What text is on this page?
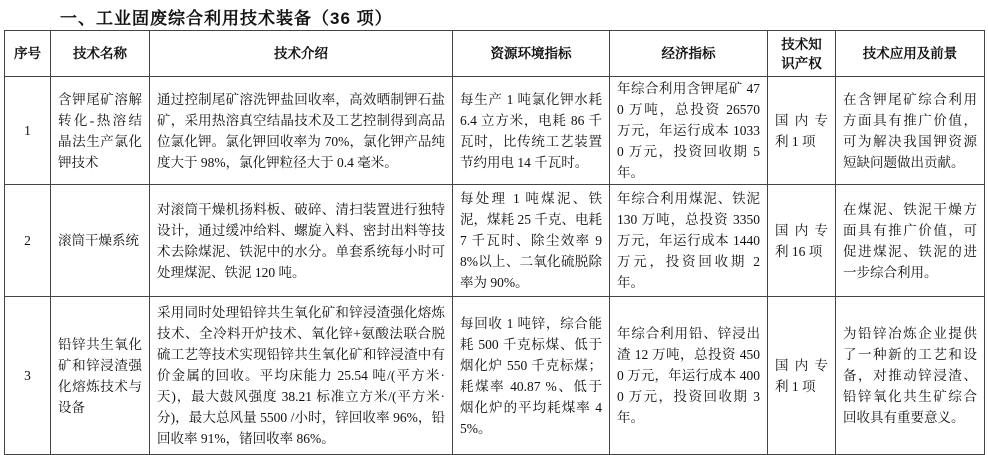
一、工业固废综合利用技术装备（36 项）
序号	技术名称	技术介绍	资源环境指标	经济指标	技术知识产权	技术应用及前景
1	含钾尾矿溶解转化-热溶结晶法生产氯化钾技术	通过控制尾矿溶洗钾盐回收率，高效晒制钾石盐矿，采用热溶真空结晶技术及工艺控制得到高品位氯化钾。氯化钾回收率为 70%，氯化钾产品纯度大于 98%，氯化钾粒径大于 0.4 毫米。	每生产 1 吨氯化钾水耗 6.4 立方米，电耗 86 千瓦时，比传统工艺装置节约用电 14 千瓦时。	年综合利用含钾尾矿 470 万吨，总投资 26570 万元，年运行成本 10330 万元，投资回收期 5 年。	国内专利 1 项	在含钾尾矿综合利用方面具有推广价值，可为解决我国钾资源短缺问题做出贡献。
2	滚筒干燥系统	对滚筒干燥机扬料板、破碎、清扫装置进行独特设计，通过缓冲给料、螺旋入料、密封出料等技术去除煤泥、铁泥中的水分。单套系统每小时可处理煤泥、铁泥 120 吨。	每处理 1 吨煤泥、铁泥，煤耗 25 千克、电耗 7 千瓦时、除尘效率 98%以上、二氧化硫脱除率为 90%。	年综合利用煤泥、铁泥 130 万吨，总投资 3350 万元，年运行成本 1440 万元，投资回收期 2 年。	国内专利 16 项	在煤泥、铁泥干燥方面具有推广价值，可促进煤泥、铁泥的进一步综合利用。
3	铅锌共生氧化矿和锌浸渣强化熔炼技术与设备	采用同时处理铅锌共生氧化矿和锌浸渣强化熔炼技术、全冷料开炉技术、氧化锌+氨酸法联合脱硫工艺等技术实现铅锌共生氧化矿和锌浸渣中有价金属的回收。平均床能力 25.54 吨/(平方米·天)，最大鼓风强度 38.21 标准立方米/(平方米·分)，最大总风量 5500 /小时，锌回收率 96%，铅回收率 91%，锗回收率 86%。	每回收 1 吨锌，综合能耗 500 千克标煤、低于烟化炉 550 千克标煤；耗煤率 40.87 %、低于烟化炉的平均耗煤率 45%。	年综合利用铅、锌浸出渣 12 万吨，总投资 4500 万元，年运行成本 4000 万元，投资回收期 3 年。	国内专利 1 项	为铅锌冶炼企业提供了一种新的工艺和设备，对推动锌浸渣、铅锌氧化共生矿综合回收具有重要意义。
